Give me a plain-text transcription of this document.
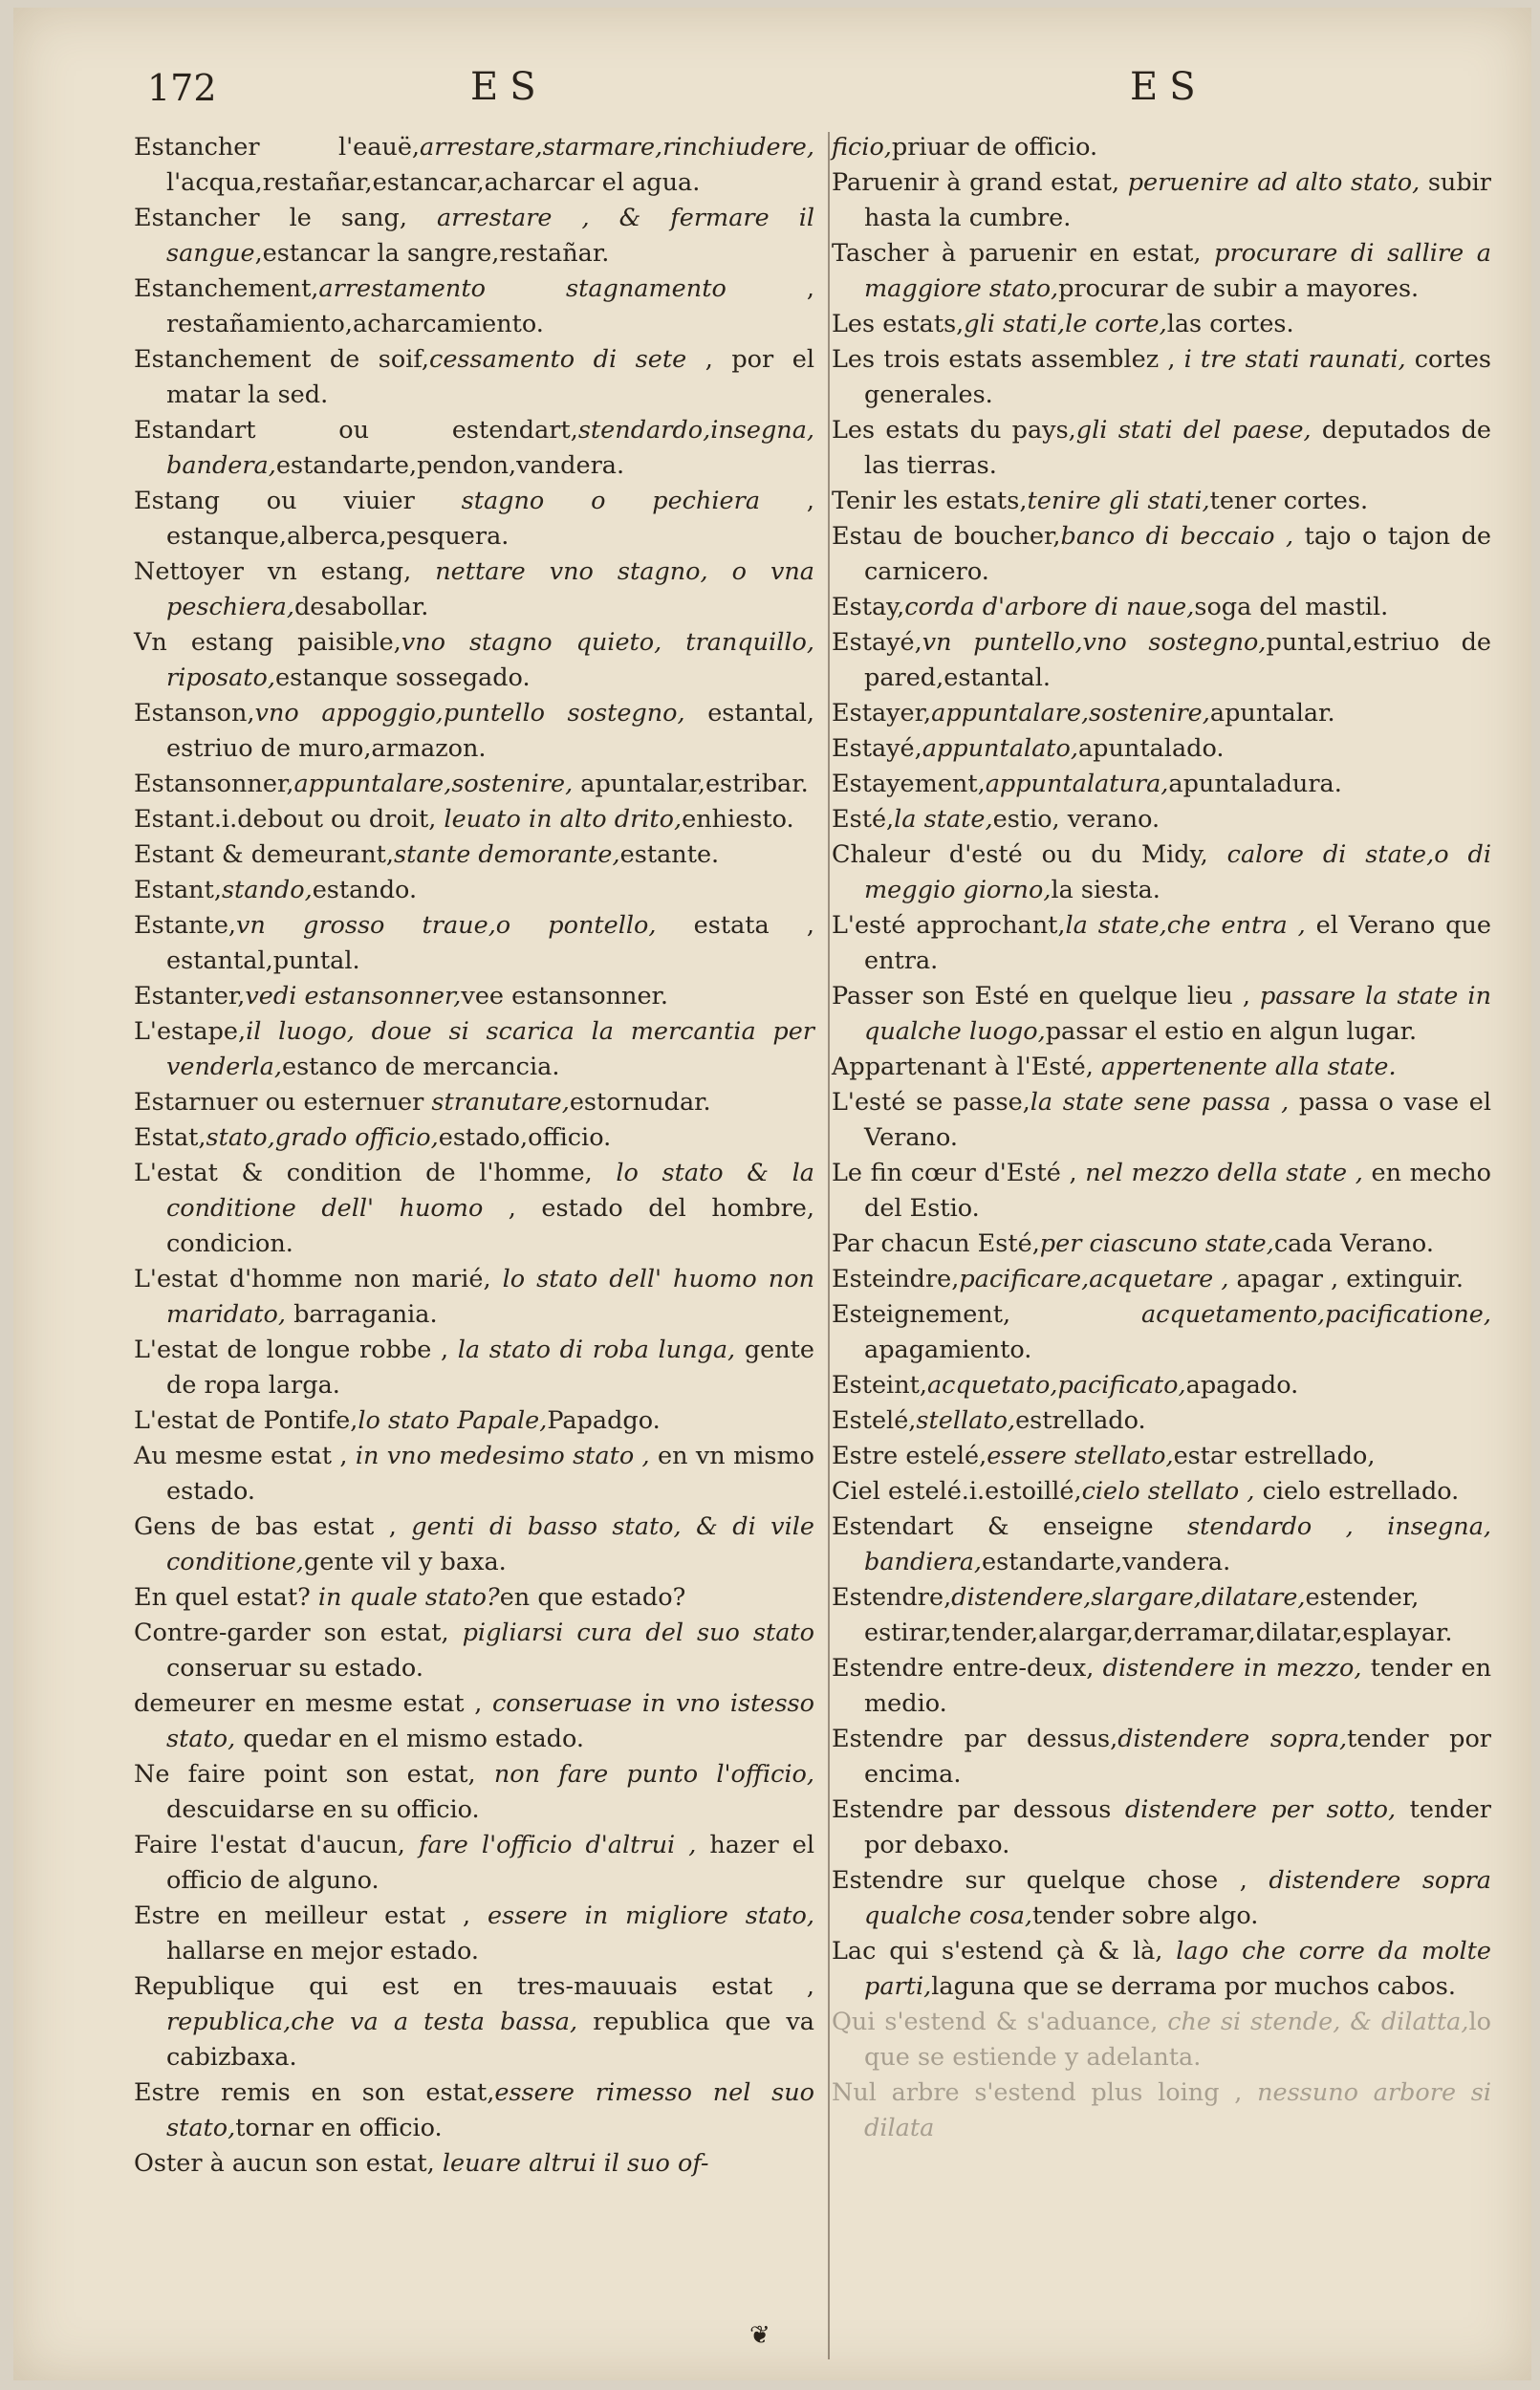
172	ES	ES

Estancher l'eauë,arrestare,starmare,rinchiudere, l'acqua,restañar,estancar,acharcar el agua.

Estancher le sang, arrestare , & fermare il sangue,estancar la sangre,restañar.

Estanchement,arrestamento stagnamento , restañamiento,acharcamiento.

Estanchement de soif,cessamento di sete , por el matar la sed.

Estandart ou estendart,stendardo,insegna, bandera,estandarte,pendon,vandera.

Estang ou viuier stagno o pechiera , estanque,alberca,pesquera.

Nettoyer vn estang, nettare vno stagno, o vna peschiera,desabollar.

Vn estang paisible,vno stagno quieto, tranquillo, riposato,estanque sossegado.

Estanson,vno appoggio,puntello sostegno, estantal, estriuo de muro,armazon.

Estansonner,appuntalare,sostenire, apuntalar,estribar.

Estant.i.debout ou droit, leuato in alto drito,enhiesto.

Estant & demeurant,stante demorante,estante.

Estant,stando,estando.

Estante,vn grosso traue,o pontello, estata , estantal,puntal.

Estanter,vedi estansonner,vee estansonner.

L'estape,il luogo, doue si scarica la mercantia per venderla,estanco de mercancia.

Estarnuer ou esternuer stranutare,estornudar.

Estat,stato,grado officio,estado,officio.

L'estat & condition de l'homme, lo stato & la conditione dell' huomo , estado del hombre, condicion.

L'estat d'homme non marié, lo stato dell' huomo non maridato, barragania.

L'estat de longue robbe , la stato di roba lunga, gente de ropa larga.

L'estat de Pontife,lo stato Papale,Papadgo.

Au mesme estat , in vno medesimo stato , en vn mismo estado.

Gens de bas estat , genti di basso stato, & di vile conditione,gente vil y baxa.

En quel estat? in quale stato?en que estado?

Contre-garder son estat, pigliarsi cura del suo stato conseruar su estado.

demeurer en mesme estat , conseruase in vno istesso stato, quedar en el mismo estado.

Ne faire point son estat, non fare punto l'officio, descuidarse en su officio.

Faire l'estat d'aucun, fare l'officio d'altrui , hazer el officio de alguno.

Estre en meilleur estat , essere in migliore stato, hallarse en mejor estado.

Republique qui est en tres-mauuais estat , republica,che va a testa bassa, republica que va cabizbaxa.

Estre remis en son estat,essere rimesso nel suo stato,tornar en officio.

Oster à aucun son estat, leuare altrui il suo of-

ficio,priuar de officio.

Paruenir à grand estat, peruenire ad alto stato, subir hasta la cumbre.

Tascher à paruenir en estat, procurare di sallire a maggiore stato,procurar de subir a mayores.

Les estats,gli stati,le corte,las cortes.

Les trois estats assemblez , i tre stati raunati, cortes generales.

Les estats du pays,gli stati del paese, deputados de las tierras.

Tenir les estats,tenire gli stati,tener cortes.

Estau de boucher,banco di beccaio , tajo o tajon de carnicero.

Estay,corda d'arbore di naue,soga del mastil.

Estayé,vn puntello,vno sostegno,puntal,estriuo de pared,estantal.

Estayer,appuntalare,sostenire,apuntalar.

Estayé,appuntalato,apuntalado.

Estayement,appuntalatura,apuntaladura.

Esté,la state,estio, verano.

Chaleur d'esté ou du Midy, calore di state,o di meggio giorno,la siesta.

L'esté approchant,la state,che entra , el Verano que entra.

Passer son Esté en quelque lieu , passare la state in qualche luogo,passar el estio en algun lugar.

Appartenant à l'Esté, appertenente alla state.

L'esté se passe,la state sene passa , passa o vase el Verano.

Le fin cœur d'Esté , nel mezzo della state , en mecho del Estio.

Par chacun Esté,per ciascuno state,cada Verano.

Esteindre,pacificare,acquetare , apagar , extinguir.

Esteignement, acquetamento,pacificatione, apagamiento.

Esteint,acquetato,pacificato,apagado.

Estelé,stellato,estrellado.

Estre estelé,essere stellato,estar estrellado,

Ciel estelé.i.estoillé,cielo stellato , cielo estrellado.

Estendart & enseigne stendardo , insegna, bandiera,estandarte,vandera.

Estendre,distendere,slargare,dilatare,estender, estirar,tender,alargar,derramar,dilatar,esplayar.

Estendre entre-deux, distendere in mezzo, tender en medio.

Estendre par dessus,distendere sopra,tender por encima.

Estendre par dessous distendere per sotto, tender por debaxo.

Estendre sur quelque chose , distendere sopra qualche cosa,tender sobre algo.

Lac qui s'estend çà & là, lago che corre da molte parti,laguna que se derrama por muchos cabos.

Qui s'estend & s'aduance, che si stende, & dilatta,lo que se estiende y adelanta.

Nul arbre s'estend plus loing , nessuno arbore si dilata

❦
